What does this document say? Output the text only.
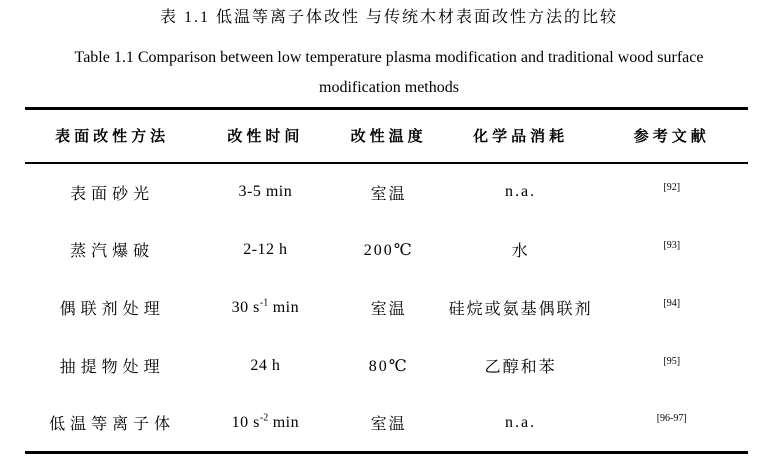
表 1.1 低温等离子体改性 与传统木材表面改性方法的比较
Table 1.1 Comparison between low temperature plasma modification and traditional wood surface
modification methods
表面改性方法	改性时间	改性温度	化学品消耗	参考文献
表面砂光	3-5 min	室温	n.a.	[92]
蒸汽爆破	2-12 h	200℃	水	[93]
偶联剂处理	30 $s^{-1}$ min	室温	硅烷或氨基偶联剂	[94]
抽提物处理	24 h	80℃	乙醇和苯	[95]
低温等离子体	10 $s^{-2}$ min	室温	n.a.	[96-97]
